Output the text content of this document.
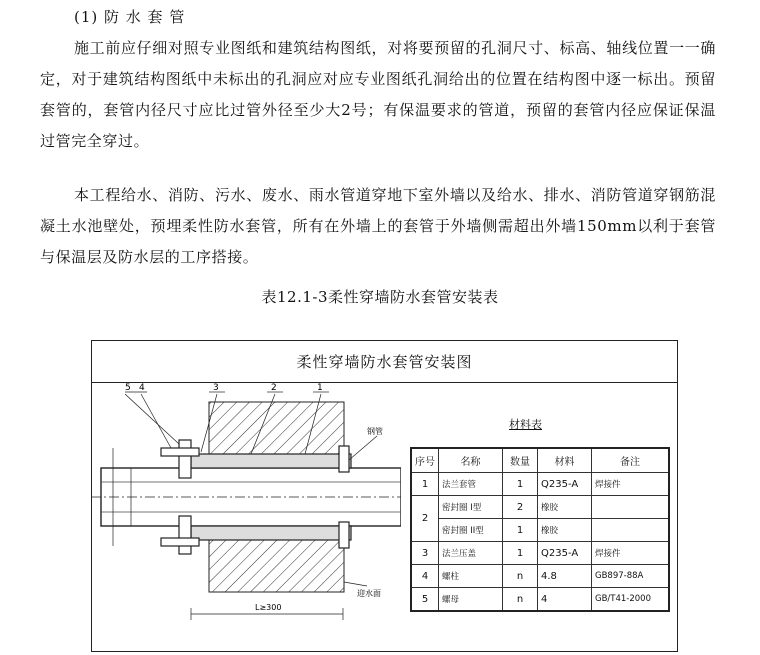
(1) 防 水 套 管
施工前应仔细对照专业图纸和建筑结构图纸，对将要预留的孔洞尺寸、标高、轴线位置一一确定，对于建筑结构图纸中未标出的孔洞应对应专业图纸孔洞给出的位置在结构图中逐一标出。预留套管的，套管内径尺寸应比过管外径至少大2号；有保温要求的管道，预留的套管内径应保证保温过管完全穿过。
本工程给水、消防、污水、废水、雨水管道穿地下室外墙以及给水、排水、消防管道穿钢筋混凝土水池壁处，预埋柔性防水套管，所有在外墙上的套管于外墙侧需超出外墙150mm以利于套管与保温层及防水层的工序搭接。
表12.1-3柔性穿墙防水套管安装表
柔性穿墙防水套管安装图
5 4	3	2	1
钢管
迎水面
L≥300
材料表
序号	名称	数量	材料	备注
1	法兰套管	1	Q235-A	焊接件
2	密封圈 I型	2	橡胶	
	密封圈 II型	1	橡胶	
3	法兰压盖	1	Q235-A	焊接件
4	螺柱	n	4.8	GB897-88A
5	螺母	n	4	GB/T41-2000
